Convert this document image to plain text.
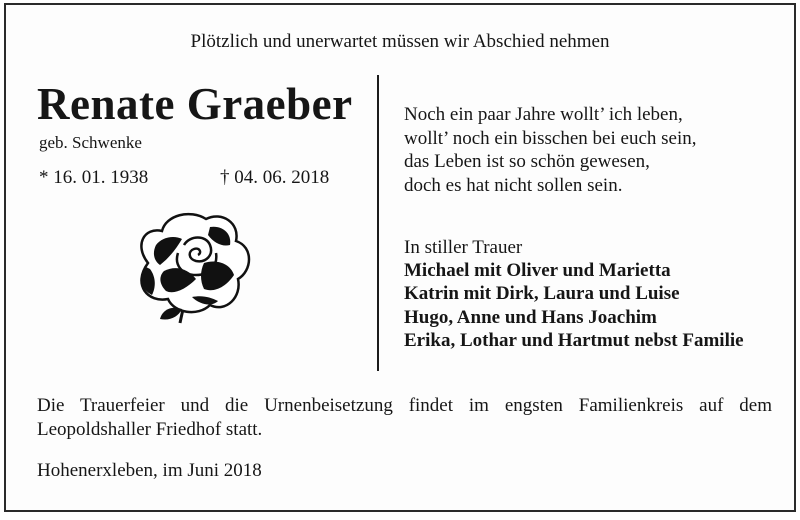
Plötzlich und unerwartet müssen wir Abschied nehmen
Renate Graeber
geb. Schwenke
* 16. 01. 1938	† 04. 06. 2018
Noch ein paar Jahre wollt’ ich leben,
wollt’ noch ein bisschen bei euch sein,
das Leben ist so schön gewesen,
doch es hat nicht sollen sein.
In stiller Trauer
Michael mit Oliver und Marietta
Katrin mit Dirk, Laura und Luise
Hugo, Anne und Hans Joachim
Erika, Lothar und Hartmut nebst Familie
Die Trauerfeier und die Urnenbeisetzung findet im engsten Familienkreis auf dem Leopoldshaller Friedhof statt.
Hohenerxleben, im Juni 2018
